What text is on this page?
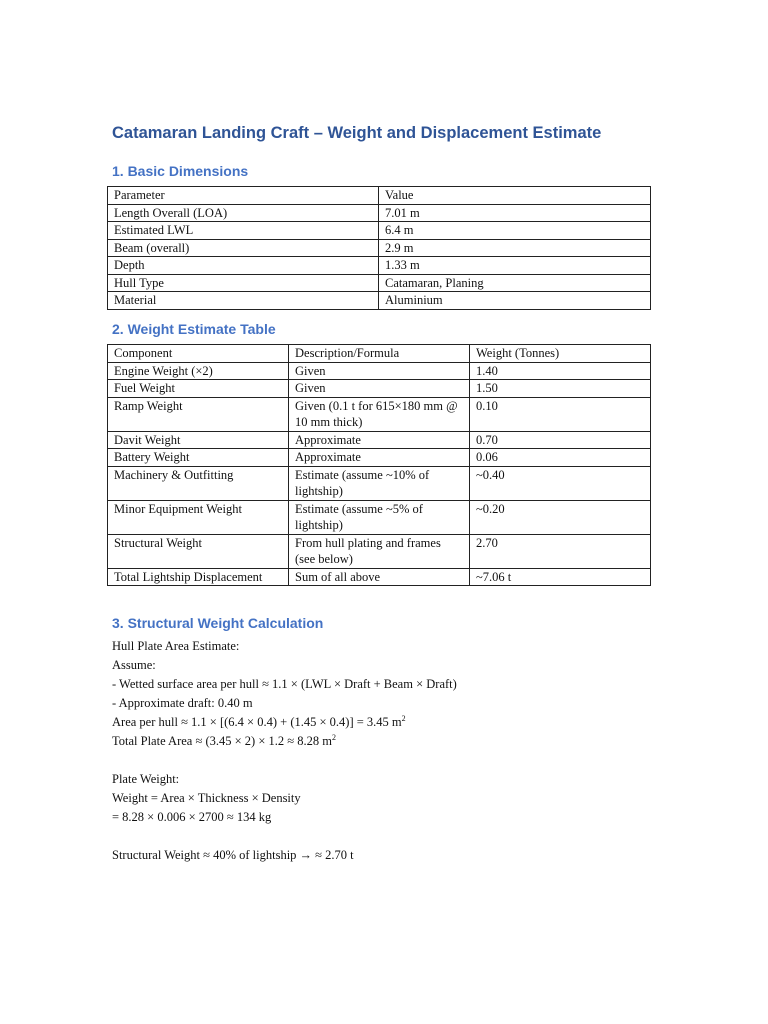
Catamaran Landing Craft – Weight and Displacement Estimate
1. Basic Dimensions
Parameter	Value
Length Overall (LOA)	7.01 m
Estimated LWL	6.4 m
Beam (overall)	2.9 m
Depth	1.33 m
Hull Type	Catamaran, Planing
Material	Aluminium
2. Weight Estimate Table
Component	Description/Formula	Weight (Tonnes)
Engine Weight (×2)	Given	1.40
Fuel Weight	Given	1.50
Ramp Weight	Given (0.1 t for 615×180 mm @ 10 mm thick)	0.10
Davit Weight	Approximate	0.70
Battery Weight	Approximate	0.06
Machinery & Outfitting	Estimate (assume ~10% of lightship)	~0.40
Minor Equipment Weight	Estimate (assume ~5% of lightship)	~0.20
Structural Weight	From hull plating and frames (see below)	2.70
Total Lightship Displacement	Sum of all above	~7.06 t
3. Structural Weight Calculation
Hull Plate Area Estimate:
Assume:
- Wetted surface area per hull ≈ 1.1 × (LWL × Draft + Beam × Draft)
- Approximate draft: 0.40 m
Area per hull ≈ 1.1 × [(6.4 × 0.4) + (1.45 × 0.4)] = 3.45 $m^2$
Total Plate Area ≈ (3.45 × 2) × 1.2 ≈ 8.28 $m^2$
Plate Weight:
Weight = Area × Thickness × Density
= 8.28 × 0.006 × 2700 ≈ 134 kg
Structural Weight ≈ 40% of lightship → ≈ 2.70 t
